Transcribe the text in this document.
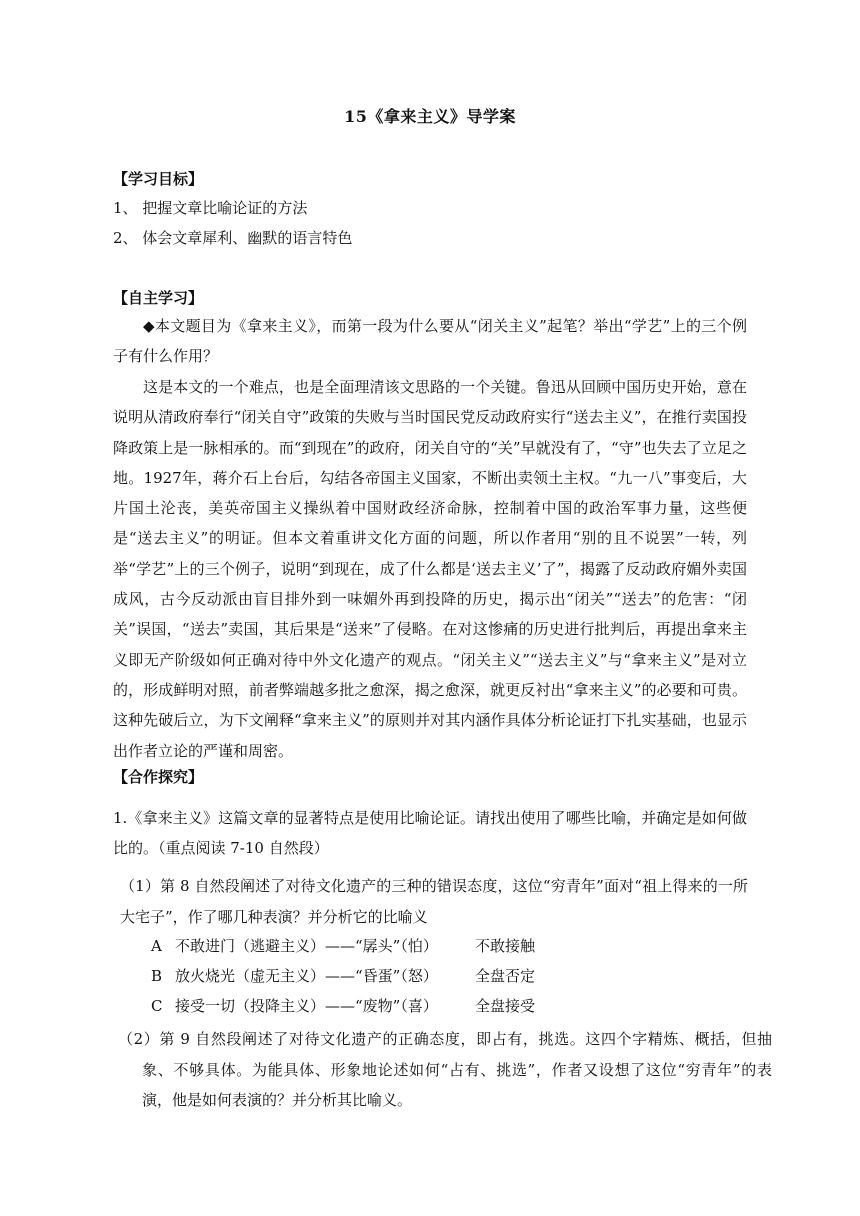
15《拿来主义》导学案
【学习目标】
1、 把握文章比喻论证的方法
2、 体会文章犀利、幽默的语言特色
【自主学习】
◆本文题目为《拿来主义》，而第一段为什么要从“闭关主义”起笔？举出“学艺”上的三个例子有什么作用？
这是本文的一个难点，也是全面理清该文思路的一个关键。鲁迅从回顾中国历史开始，意在说明从清政府奉行“闭关自守”政策的失败与当时国民党反动政府实行“送去主义”，在推行卖国投降政策上是一脉相承的。而“到现在”的政府，闭关自守的“关”早就没有了，“守”也失去了立足之地。1927年，蒋介石上台后，勾结各帝国主义国家，不断出卖领土主权。“九一八”事变后，大片国土沦丧，美英帝国主义操纵着中国财政经济命脉，控制着中国的政治军事力量，这些便是“送去主义”的明证。但本文着重讲文化方面的问题，所以作者用“别的且不说罢”一转，列举“学艺”上的三个例子，说明“到现在，成了什么都是‘送去主义’了”，揭露了反动政府媚外卖国成风，古今反动派由盲目排外到一味媚外再到投降的历史，揭示出“闭关”“送去”的危害：“闭关”误国，“送去”卖国，其后果是“送来”了侵略。在对这惨痛的历史进行批判后，再提出拿来主义即无产阶级如何正确对待中外文化遗产的观点。“闭关主义”“送去主义”与“拿来主义”是对立的，形成鲜明对照，前者弊端越多批之愈深，揭之愈深，就更反衬出“拿来主义”的必要和可贵。这种先破后立，为下文阐释“拿来主义”的原则并对其内涵作具体分析论证打下扎实基础，也显示出作者立论的严谨和周密。
【合作探究】
1.《拿来主义》这篇文章的显著特点是使用比喻论证。请找出使用了哪些比喻，并确定是如何做比的。（重点阅读 7-10 自然段）
（1）第 8 自然段阐述了对待文化遗产的三种的错误态度，这位“穷青年”面对“祖上得来的一所大宅子”，作了哪几种表演？并分析它的比喻义
A 不敢进门（逃避主义）——“孱头”（怕） 不敢接触
B 放火烧光（虚无主义）——“昏蛋”（怒） 全盘否定
C 接受一切（投降主义）——“废物”（喜） 全盘接受
（2）第 9 自然段阐述了对待文化遗产的正确态度，即占有，挑选。这四个字精炼、概括，但抽象、不够具体。为能具体、形象地论述如何“占有、挑选”，作者又设想了这位“穷青年”的表演，他是如何表演的？并分析其比喻义。
